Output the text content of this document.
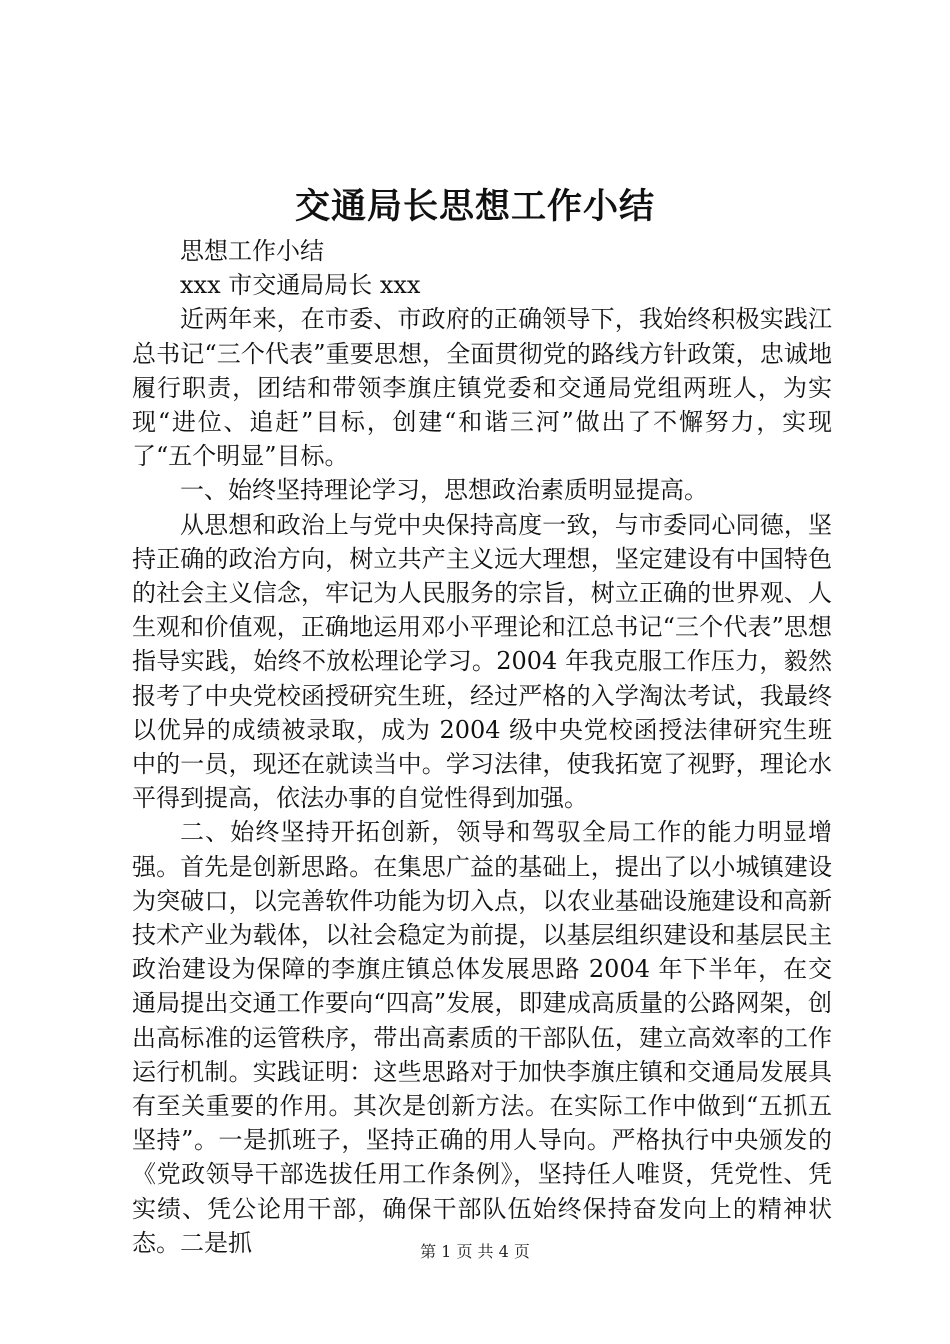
交通局长思想工作小结

思想工作小结

xxx 市交通局局长 xxx

近两年来，在市委、市政府的正确领导下，我始终积极实践江总书记“三个代表”重要思想，全面贯彻党的路线方针政策，忠诚地履行职责，团结和带领李旗庄镇党委和交通局党组两班人，为实现“进位、追赶”目标，创建“和谐三河”做出了不懈努力，实现了“五个明显”目标。

一、始终坚持理论学习，思想政治素质明显提高。

从思想和政治上与党中央保持高度一致，与市委同心同德，坚持正确的政治方向，树立共产主义远大理想，坚定建设有中国特色的社会主义信念，牢记为人民服务的宗旨，树立正确的世界观、人生观和价值观，正确地运用邓小平理论和江总书记“三个代表”思想指导实践，始终不放松理论学习。2004 年我克服工作压力，毅然报考了中央党校函授研究生班，经过严格的入学淘汰考试，我最终以优异的成绩被录取，成为 2004 级中央党校函授法律研究生班中的一员，现还在就读当中。学习法律，使我拓宽了视野，理论水平得到提高，依法办事的自觉性得到加强。

二、始终坚持开拓创新，领导和驾驭全局工作的能力明显增强。首先是创新思路。在集思广益的基础上，提出了以小城镇建设为突破口，以完善软件功能为切入点，以农业基础设施建设和高新技术产业为载体，以社会稳定为前提，以基层组织建设和基层民主政治建设为保障的李旗庄镇总体发展思路 2004 年下半年，在交通局提出交通工作要向“四高”发展，即建成高质量的公路网架，创出高标准的运管秩序，带出高素质的干部队伍，建立高效率的工作运行机制。实践证明：这些思路对于加快李旗庄镇和交通局发展具有至关重要的作用。其次是创新方法。在实际工作中做到“五抓五坚持”。一是抓班子，坚持正确的用人导向。严格执行中央颁发的《党政领导干部选拔任用工作条例》，坚持任人唯贤，凭党性、凭实绩、凭公论用干部，确保干部队伍始终保持奋发向上的精神状态。二是抓	第 1 页 共 4 页
